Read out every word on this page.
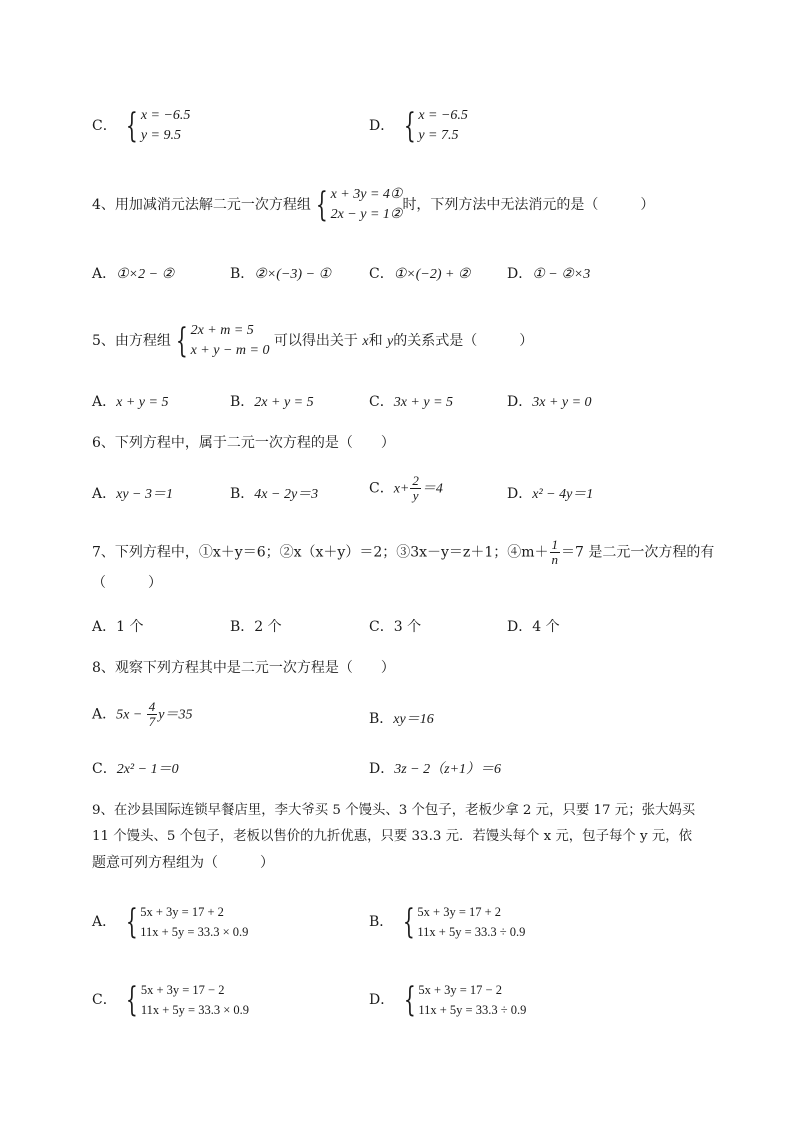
C． { x = −6.5
y = 9.5
D． { x = −6.5
y = 7.5
4、用加减消元法解二元一次方程组 { x + 3y = 4①
2x − y = 1②
时，下列方法中无法消元的是（　　　）
A．①×2 − ②	B．②×(−3) − ①	C．①×(−2) + ②	D．① − ②×3
5、由方程组 { 2x + m = 5
x + y − m = 0
可以得出关于 x和 y的关系式是（　　　）
A．x + y = 5	B．2x + y = 5	C．3x + y = 5	D．3x + y = 0
6、下列方程中，属于二元一次方程的是（　　）
A．xy − 3＝1	B．4x − 2y＝3	C．$x+ \frac{2}{y} =4$	D．x² − 4y＝1
7、下列方程中，①x＋y＝6；②x（x＋y）＝2；③3x－y＝z＋1；④m＋ $\frac{1}{n} =7$ 是二元一次方程的有
（　　　）
A．1 个	B．2 个	C．3 个	D．4 个
8、观察下列方程其中是二元一次方程是（　　）
A．$5x - \frac{4}{7} y=35$	B．xy＝16
C．2x² − 1＝0	D．3z − 2（z+1）＝6
9、在沙县国际连锁早餐店里，李大爷买 5 个馒头、3 个包子，老板少拿 2 元，只要 17 元；张大妈买
11 个馒头、5 个包子，老板以售价的九折优惠，只要 33.3 元．若馒头每个 x 元，包子每个 y 元，依
题意可列方程组为（　　　）
A． { 5x + 3y = 17 + 2
11x + 5y = 33.3 × 0.9
B． { 5x + 3y = 17 + 2
11x + 5y = 33.3 ÷ 0.9
C． { 5x + 3y = 17 − 2
11x + 5y = 33.3 × 0.9
D． { 5x + 3y = 17 − 2
11x + 5y = 33.3 ÷ 0.9
